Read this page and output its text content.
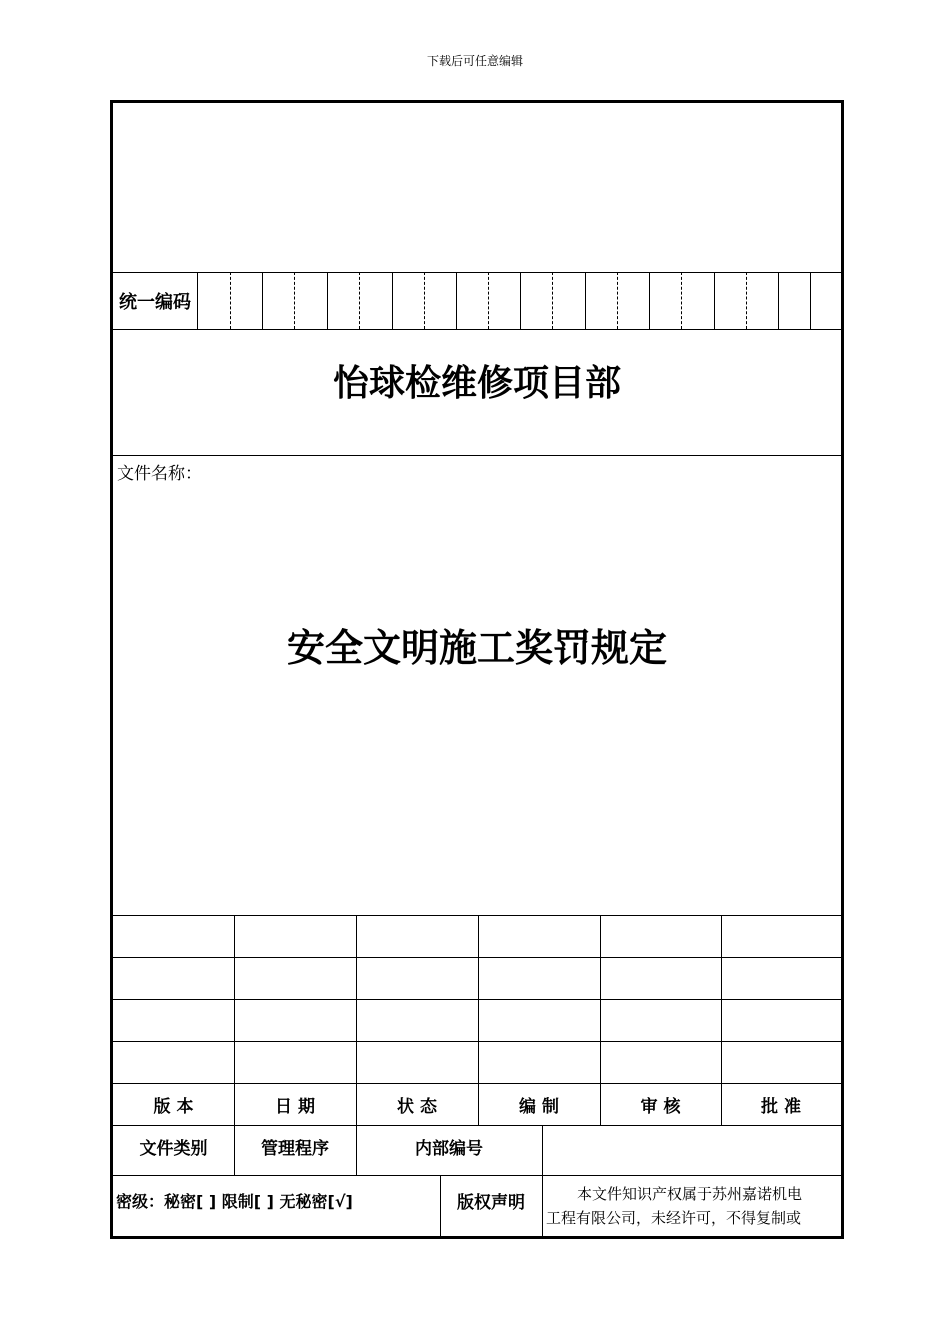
下载后可任意编辑
统一编码
怡球检维修项目部
文件名称：
安全文明施工奖罚规定
版 本	日 期	状 态	编 制	审 核	批 准
文件类别	管理程序	内部编号
密级：秘密[ ] 限制[ ] 无秘密[√]	版权声明	本文件知识产权属于苏州嘉诺机电
工程有限公司，未经许可，不得复制或
